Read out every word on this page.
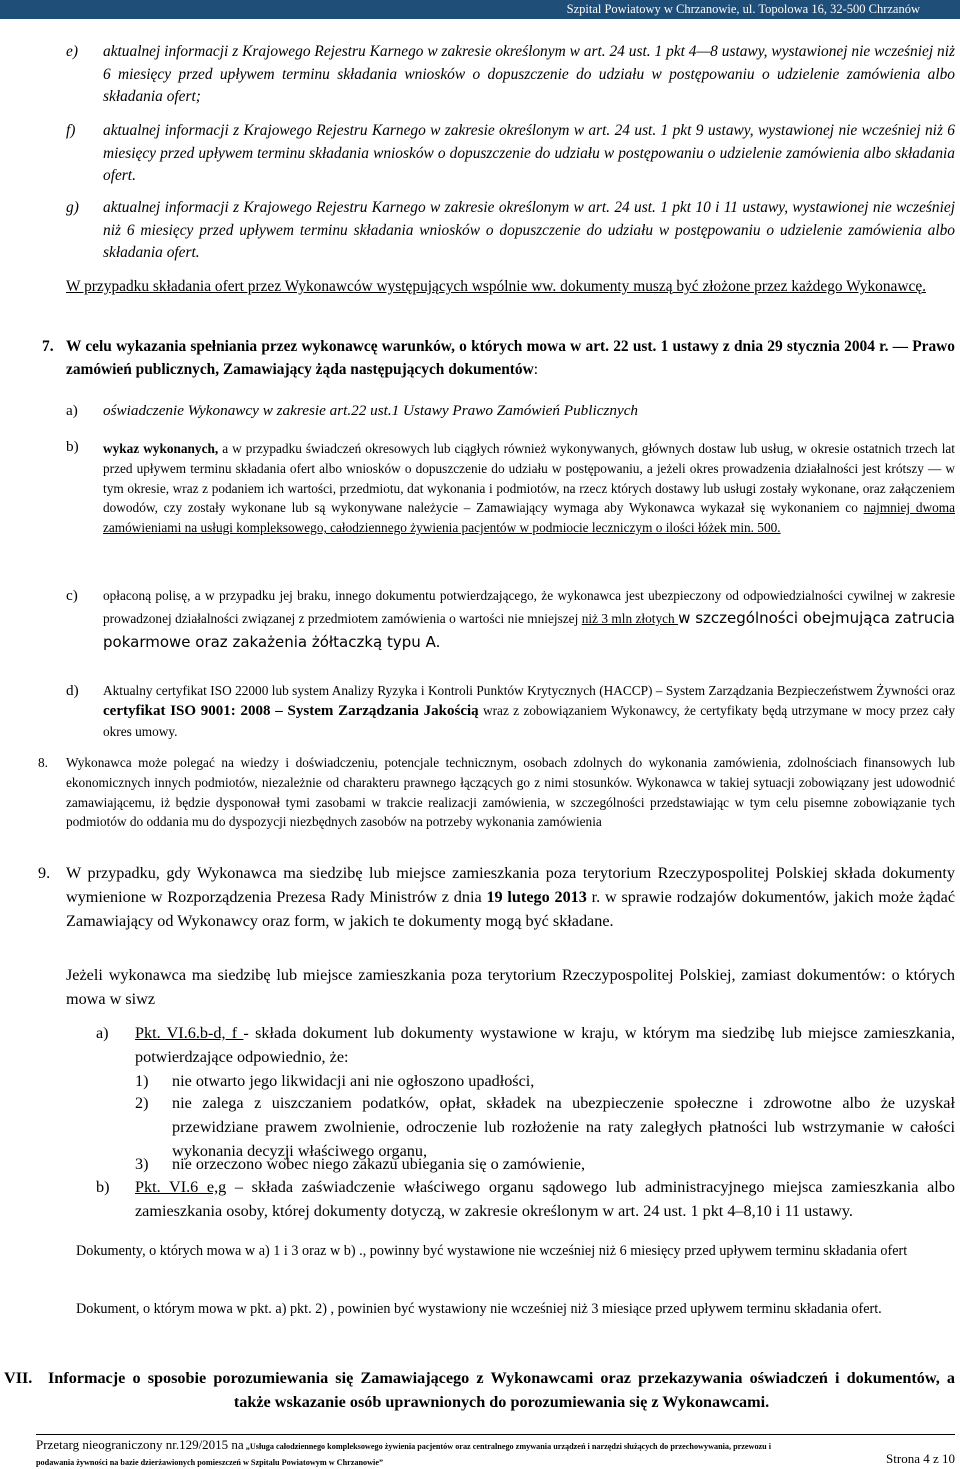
Szpital Powiatowy w Chrzanowie, ul. Topolowa 16, 32-500 Chrzanów
e) aktualnej informacji z Krajowego Rejestru Karnego w zakresie określonym w art. 24 ust. 1 pkt 4—8 ustawy, wystawionej nie wcześniej niż 6 miesięcy przed upływem terminu składania wniosków o dopuszczenie do udziału w postępowaniu o udzielenie zamówienia albo składania ofert;
f) aktualnej informacji z Krajowego Rejestru Karnego w zakresie określonym w art. 24 ust. 1 pkt 9 ustawy, wystawionej nie wcześniej niż 6 miesięcy przed upływem terminu składania wniosków o dopuszczenie do udziału w postępowaniu o udzielenie zamówienia albo składania ofert.
g) aktualnej informacji z Krajowego Rejestru Karnego w zakresie określonym w art. 24 ust. 1 pkt 10 i 11 ustawy, wystawionej nie wcześniej niż 6 miesięcy przed upływem terminu składania wniosków o dopuszczenie do udziału w postępowaniu o udzielenie zamówienia albo składania ofert.
W przypadku składania ofert przez Wykonawców występujących wspólnie ww. dokumenty muszą być złożone przez każdego Wykonawcę.
7. W celu wykazania spełniania przez wykonawcę warunków, o których mowa w art. 22 ust. 1 ustawy z dnia 29 stycznia 2004 r. — Prawo zamówień publicznych, Zamawiający żąda następujących dokumentów:
a) oświadczenie Wykonawcy w zakresie art.22 ust.1 Ustawy Prawo Zamówień Publicznych
b) wykaz wykonanych, a w przypadku świadczeń okresowych lub ciągłych również wykonywanych, głównych dostaw lub usług, w okresie ostatnich trzech lat przed upływem terminu składania ofert albo wniosków o dopuszczenie do udziału w postępowaniu, a jeżeli okres prowadzenia działalności jest krótszy — w tym okresie, wraz z podaniem ich wartości, przedmiotu, dat wykonania i podmiotów, na rzecz których dostawy lub usługi zostały wykonane, oraz załączeniem dowodów, czy zostały wykonane lub są wykonywane należycie – Zamawiający wymaga aby Wykonawca wykazał się wykonaniem co najmniej dwoma zamówieniami na usługi kompleksowego, całodziennego żywienia pacjentów w podmiocie leczniczym o ilości łóżek min. 500.
c) opłaconą polisę, a w przypadku jej braku, innego dokumentu potwierdzającego, że wykonawca jest ubezpieczony od odpowiedzialności cywilnej w zakresie prowadzonej działalności związanej z przedmiotem zamówienia o wartości nie mniejszej niż 3 mln złotych w szczególności obejmująca zatrucia pokarmowe oraz zakażenia żółtaczką typu A.
d) Aktualny certyfikat ISO 22000 lub system Analizy Ryzyka i Kontroli Punktów Krytycznych (HACCP) – System Zarządzania Bezpieczeństwem Żywności oraz certyfikat ISO 9001: 2008 – System Zarządzania Jakością wraz z zobowiązaniem Wykonawcy, że certyfikaty będą utrzymane w mocy przez cały okres umowy.
8. Wykonawca może polegać na wiedzy i doświadczeniu, potencjale technicznym, osobach zdolnych do wykonania zamówienia, zdolnościach finansowych lub ekonomicznych innych podmiotów, niezależnie od charakteru prawnego łączących go z nimi stosunków. Wykonawca w takiej sytuacji zobowiązany jest udowodnić zamawiającemu, iż będzie dysponował tymi zasobami w trakcie realizacji zamówienia, w szczególności przedstawiając w tym celu pisemne zobowiązanie tych podmiotów do oddania mu do dyspozycji niezbędnych zasobów na potrzeby wykonania zamówienia
9. W przypadku, gdy Wykonawca ma siedzibę lub miejsce zamieszkania poza terytorium Rzeczypospolitej Polskiej składa dokumenty wymienione w Rozporządzenia Prezesa Rady Ministrów z dnia 19 lutego 2013 r. w sprawie rodzajów dokumentów, jakich może żądać Zamawiający od Wykonawcy oraz form, w jakich te dokumenty mogą być składane.
Jeżeli wykonawca ma siedzibę lub miejsce zamieszkania poza terytorium Rzeczypospolitej Polskiej, zamiast dokumentów: o których mowa w siwz
a) Pkt. VI.6.b-d, f - składa dokument lub dokumenty wystawione w kraju, w którym ma siedzibę lub miejsce zamieszkania, potwierdzające odpowiednio, że:
1) nie otwarto jego likwidacji ani nie ogłoszono upadłości,
2) nie zalega z uiszczaniem podatków, opłat, składek na ubezpieczenie społeczne i zdrowotne albo że uzyskał przewidziane prawem zwolnienie, odroczenie lub rozłożenie na raty zaległych płatności lub wstrzymanie w całości wykonania decyzji właściwego organu,
3) nie orzeczono wobec niego zakazu ubiegania się o zamówienie,
b) Pkt. VI.6 e,g – składa zaświadczenie właściwego organu sądowego lub administracyjnego miejsca zamieszkania albo zamieszkania osoby, której dokumenty dotyczą, w zakresie określonym w art. 24 ust. 1 pkt 4–8,10 i 11 ustawy.
Dokumenty, o których mowa w a) 1 i 3 oraz w b) ., powinny być wystawione nie wcześniej niż 6 miesięcy przed upływem terminu składania ofert
Dokument, o którym mowa w pkt. a) pkt. 2) , powinien być wystawiony nie wcześniej niż 3 miesiące przed upływem terminu składania ofert.
VII. Informacje o sposobie porozumiewania się Zamawiającego z Wykonawcami oraz przekazywania oświadczeń i dokumentów, a także wskazanie osób uprawnionych do porozumiewania się z Wykonawcami.
Przetarg nieograniczony nr.129/2015 na „Usługa całodziennego kompleksowego żywienia pacjentów oraz centralnego zmywania urządzeń i narzędzi służących do przechowywania, przewozu i
podawania żywności na bazie dzierżawionych pomieszczeń w Szpitalu Powiatowym w Chrzanowie”	Strona 4 z 10
